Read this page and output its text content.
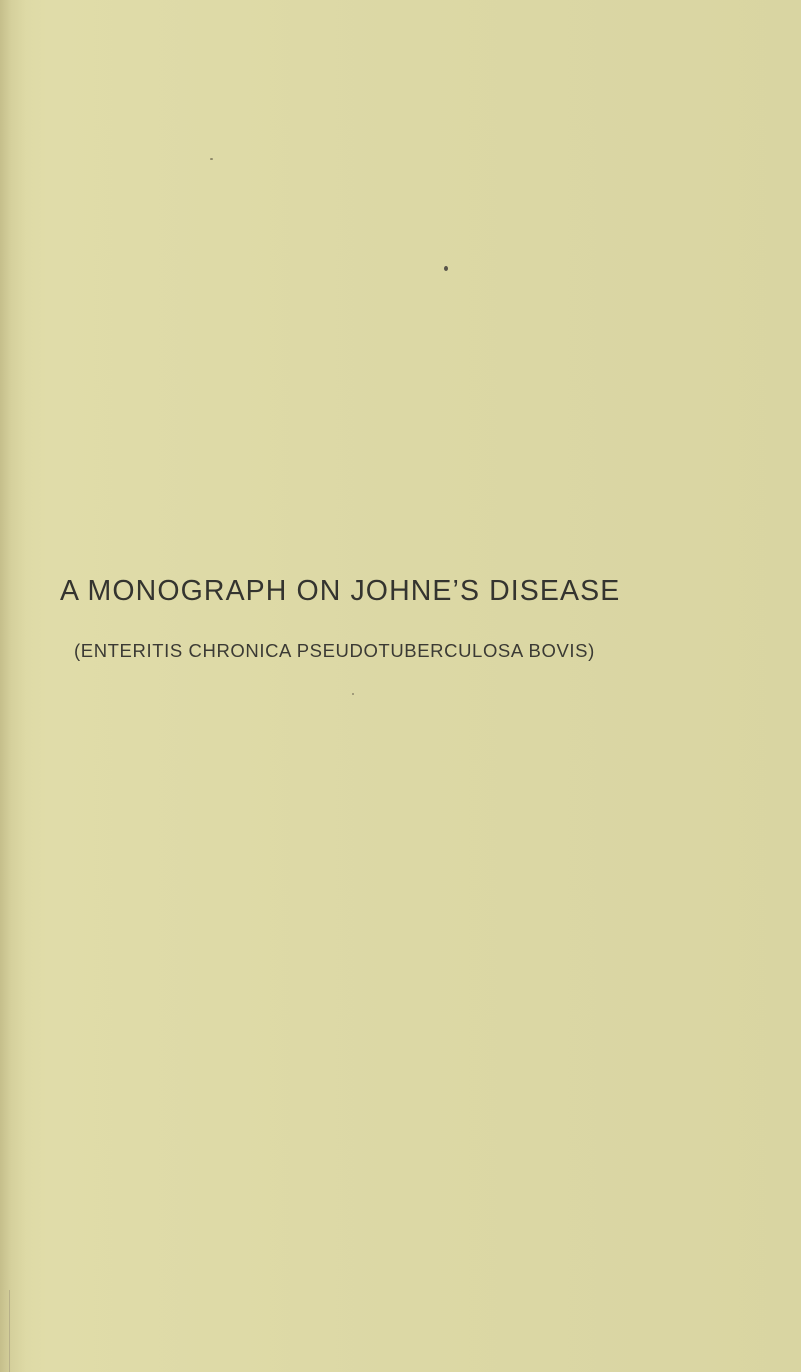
A MONOGRAPH ON JOHNE’S DISEASE
(ENTERITIS CHRONICA PSEUDOTUBERCULOSA BOVIS)
